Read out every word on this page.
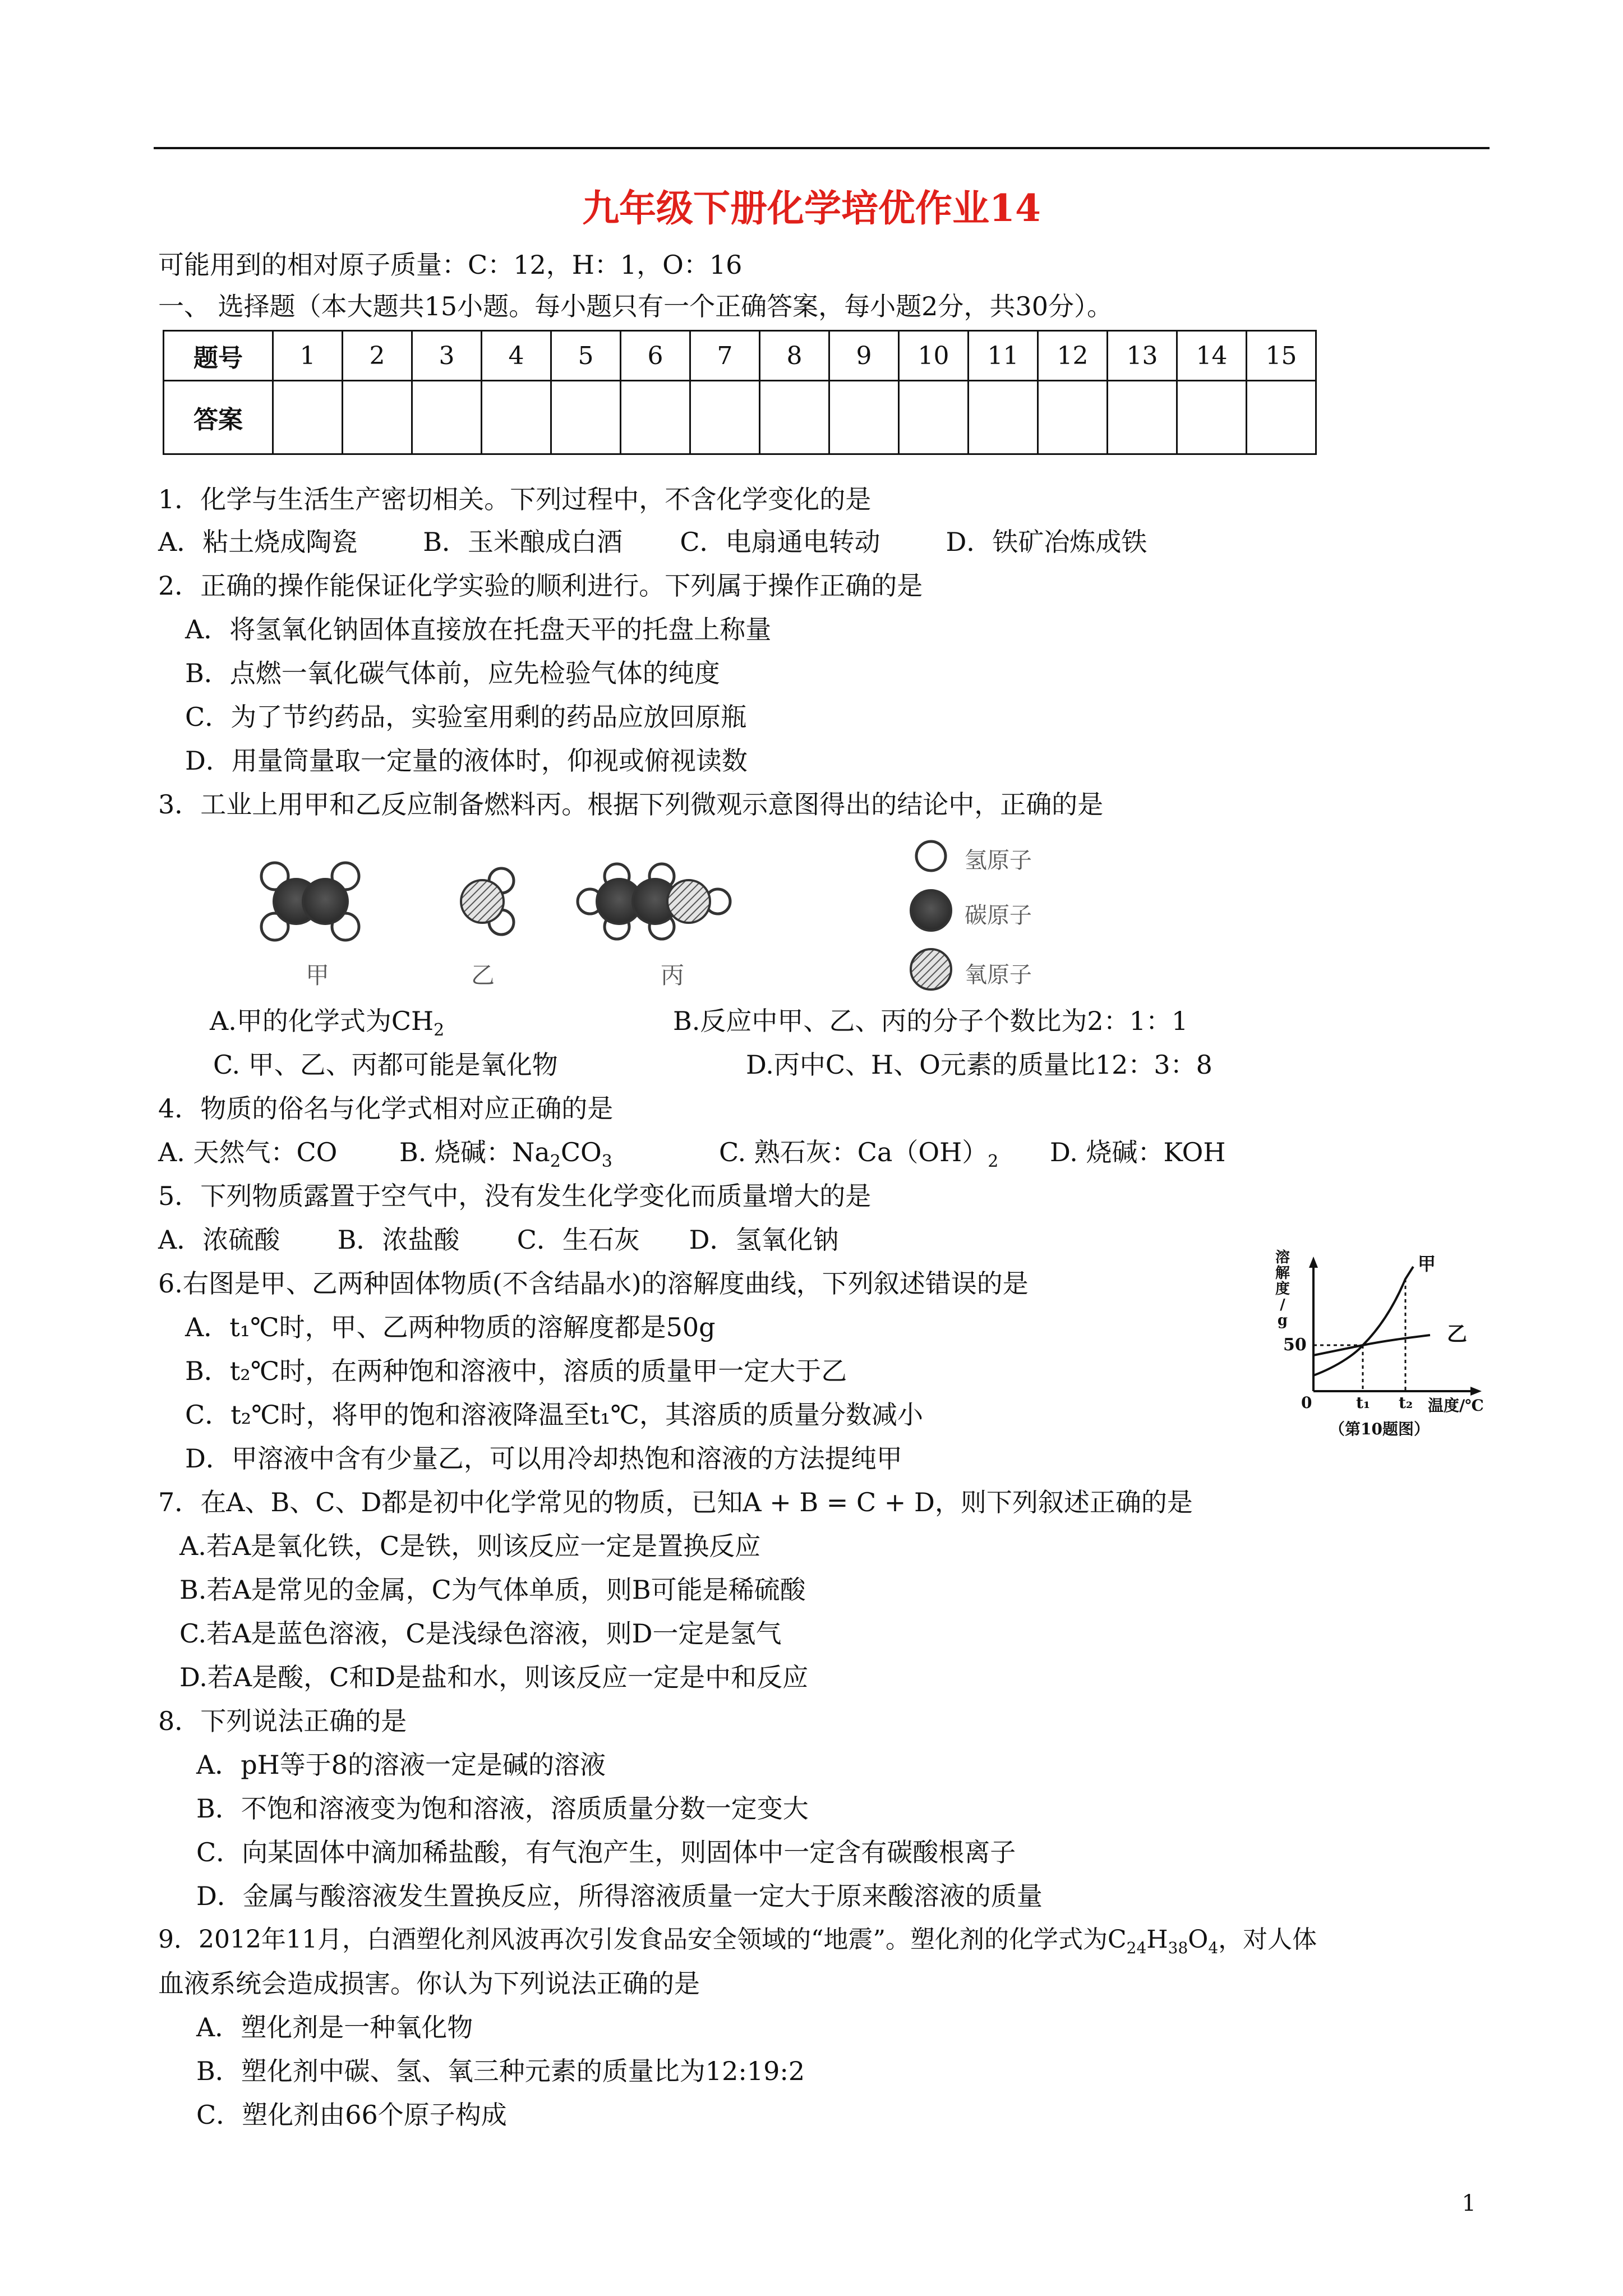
九年级下册化学培优作业14
可能用到的相对原子质量：C：12，H：1，O：16
一、 选择题（本大题共15小题。每小题只有一个正确答案，每小题2分，共30分）。
题号	1	2	3	4	5	6	7	8	9	10	11	12	13	14	15
答案															
1．化学与生活生产密切相关。下列过程中，不含化学变化的是
A．粘土烧成陶瓷        B．玉米酿成白酒       C．电扇通电转动        D．铁矿冶炼成铁
2．正确的操作能保证化学实验的顺利进行。下列属于操作正确的是
A．将氢氧化钠固体直接放在托盘天平的托盘上称量
B．点燃一氧化碳气体前，应先检验气体的纯度
C．为了节约药品，实验室用剩的药品应放回原瓶
D．用量筒量取一定量的液体时，仰视或俯视读数
3．工业上用甲和乙反应制备燃料丙。根据下列微观示意图得出的结论中，正确的是
甲	乙	丙
氢原子
碳原子
氧原子
A.甲的化学式为$CH_2$	B.反应中甲、乙、丙的分子个数比为2：1：1
C. 甲、乙、丙都可能是氧化物	D.丙中C、H、O元素的质量比12：3：8
4．物质的俗名与化学式相对应正确的是
A. 天然气：CO B. 烧碱：$Na_2CO_3$	C. 熟石灰：$Ca(OH)_2$ D. 烧碱：KOH
5．下列物质露置于空气中，没有发生化学变化而质量增大的是
A．浓硫酸       B．浓盐酸       C．生石灰      D．氢氧化钠
6.右图是甲、乙两种固体物质(不含结晶水)的溶解度曲线，下列叙述错误的是
A．t₁℃时，甲、乙两种物质的溶解度都是50g
B．t₂℃时，在两种饱和溶液中，溶质的质量甲一定大于乙
C．t₂℃时，将甲的饱和溶液降温至t₁℃，其溶质的质量分数减小
D．甲溶液中含有少量乙，可以用冷却热饱和溶液的方法提纯甲
溶
解
度
/
g
50
0	t₁ t₂ 温度/℃
甲
乙
（第10题图）
7．在A、B、C、D都是初中化学常见的物质，已知A + B = C + D，则下列叙述正确的是
A.若A是氧化铁，C是铁，则该反应一定是置换反应
B.若A是常见的金属，C为气体单质，则B可能是稀硫酸
C.若A是蓝色溶液，C是浅绿色溶液，则D一定是氢气
D.若A是酸，C和D是盐和水，则该反应一定是中和反应
8．下列说法正确的是
A．pH等于8的溶液一定是碱的溶液
B．不饱和溶液变为饱和溶液，溶质质量分数一定变大
C．向某固体中滴加稀盐酸，有气泡产生，则固体中一定含有碳酸根离子
D．金属与酸溶液发生置换反应，所得溶液质量一定大于原来酸溶液的质量
9．2012年11月，白酒塑化剂风波再次引发食品安全领域的“地震”。塑化剂的化学式为$C_{24}H_{38}O_4$，对人体
血液系统会造成损害。你认为下列说法正确的是
A．塑化剂是一种氧化物
B．塑化剂中碳、氢、氧三种元素的质量比为12:19:2
C．塑化剂由66个原子构成
1
